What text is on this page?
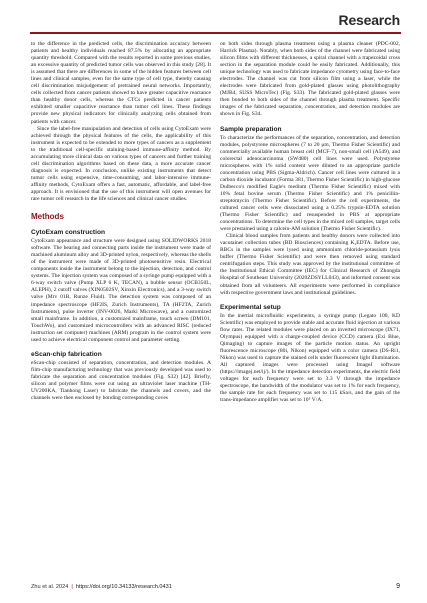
Research

to the difference in the predicted cells, the discrimination accuracy between patients and healthy individuals reached 87.5% by allocating an appropriate quantity threshold. Compared with the results reported in some previous studies, an excessive quantity of predicted tumor cells was observed in this study [28]. It is assumed that there are differences in some of the hidden features between cell lines and clinical samples, even for the same type of cell type, thereby causing cell discrimination misjudgement of pretrained neural networks. Importantly, cells collected from cancer patients showed to have greater capacitive reactance than healthy donor cells, whereas the CTCs predicted in cancer patients exhibited smaller capacitive reactance than tumor cell lines. These findings provide new physical indicators for clinically analyzing cells obtained from patients with cancer.

Since the label-free manipulation and detection of cells using CytoExam were achieved through the physical features of the cells, the applicability of this instrument is expected to be extended to more types of cancers as a supplement to the traditional cell-specific staining-based immune-affinity method. By accumulating more clinical data on various types of cancers and further training cell discrimination algorithms based on these data, a more accurate cancer diagnosis is expected. In conclusion, unlike existing instruments that detect tumor cells using expensive, time-consuming, and labor-intensive immune-affinity methods, CytoExam offers a fast, automatic, affordable, and label-free approach. It is envisioned that the use of this instrument will open avenues for rare tumor cell research in the life sciences and clinical cancer studies.

Methods
CytoExam construction

CytoExam appearance and structure were designed using SOLIDWORKS 2018 software. The bearing and connecting parts inside the instrument were made of machined aluminum alloy and 3D-printed nylon, respectively, whereas the shells of the instrument were made of 3D-printed photosensitive resin. Electrical components inside the instrument belong to the injection, detection, and control systems. The injection system was composed of a syringe pump equipped with a 6-way switch valve (Pump XLP 6 K, TECAN), a bubble sensor (OCB350L, ALEPH), 2 cutoff valves (XIN0502SV, Xinxin Electronics), and a 3-way switch valve (Mrv 01B, Runze Fluid). The detection system was composed of an impedance spectroscope (HF2IS, Zurich Instruments), TA (HF2TA, Zurich Instruments), pulse inverter (INV-0026, Marki Microwave), and a customized small mainframe. In addition, a customized mainframe, touch screen (DM101, TouchWo), and customized microcontrollers with an advanced RISC (reduced instruction set computer) machines (ARM) program in the control system were used to achieve electrical component control and parameter setting.

eScan-chip fabrication

eScan-chip consisted of separation, concentration, and detection modules. A film-chip manufacturing technology that was previously developed was used to fabricate the separation and concentration modules (Fig. S32) [42]. Briefly, silicon and polymer films were cut using an ultraviolet laser machine (TH-UV200KA, Tianhong Laser) to fabricate the channels and covers, and the channels were then enclosed by bonding corresponding coves

on both sides through plasma treatment using a plasma cleaner (PDC-002, Harrick Plasma). Notably, when both sides of the channel were fabricated using silicon films with different thicknesses, a spiral channel with a trapezoidal cross section in the separation module could be easily fabricated. Additionally, this unique technology was used to fabricate impedance cytometry using face-to-face electrodes. The channel was cut from silicon film using a laser, while the electrodes were fabricated from gold-plated glasses using photolithography (MJB4, SUSS MicroTec) (Fig. S33). The fabricated gold-plated glasses were then bonded to both sides of the channel through plasma treatment. Specific images of the fabricated separation, concentration, and detection modules are shown in Fig. S34.

Sample preparation

To characterize the performances of the separation, concentration, and detection modules, polystyrene microspheres (7 to 20 μm, Thermo Fisher Scientific) and commercially available human breast cell (MCF-7), non-small cell (A549), and colorectal adenocarcinoma (SW480) cell lines were used. Polystyrene microspheres with 1% solid content were diluted to an appropriate particle concentration using PBS (Sigma-Aldrich). Cancer cell lines were cultured in a carbon dioxide incubator (Forma 381, Thermo Fisher Scientific) in high-glucose Dulbecco's modified Eagle's medium (Thermo Fisher Scientific) mixed with 10% fetal bovine serum (Thermo Fisher Scientific) and 1% penicillin-streptomycin (Thermo Fisher Scientific). Before the cell experiments, the cultured cancer cells were dissociated using a 0.25% trypsin-EDTA solution (Thermo Fisher Scientific) and resuspended in PBS at appropriate concentrations. To determine the cell types in the mixed cell samples, target cells were prestained using a calcein-AM solution (Thermo Fisher Scientific).

Clinical blood samples from patients and healthy donors were collected into vacutainer collection tubes (BD Biosciences) containing K₂EDTA. Before use, RBCs in the samples were lysed using ammonium chloride-potassium lysis buffer (Thermo Fisher Scientific) and were then removed using standard centrifugation steps. This study was approved by the institutional committee of the Institutional Ethical Committee (IEC) for Clinical Research of Zhongda Hospital of Southeast University (2020ZDSYLL043), and informed consent was obtained from all volunteers. All experiments were performed in compliance with respective government laws and institutional guidelines.

Experimental setup

In the inertial microfluidic experiments, a syringe pump (Legato 100, KD Scientific) was employed to provide stable and accurate fluid injection at various flow rates. The related modules were placed on an inverted microscope (IX71, Olympus) equipped with a charge-coupled device (CCD) camera (Exi Blue, Qimaging) to capture images of the particle motion status. An upright fluorescence microscope (80i, Nikon) equipped with a color camera (DS-Ri1, Nikon) was used to capture the stained cells under fluorescent light illumination. All captured images were processed using ImageJ software (https://imagej.net/ij/). In the impedance detection experiments, the electric field voltages for each frequency were set to 3.3 V through the impedance spectroscope, the bandwidth of the modulator was set to 1% for each frequency, the sample rate for each frequency was set to 115 kSa/s, and the gain of the trans-impedance amplifier was set to 10⁵ V/A.

Zhu et al. 2024 | https://doi.org/10.34133/research.0431	9
